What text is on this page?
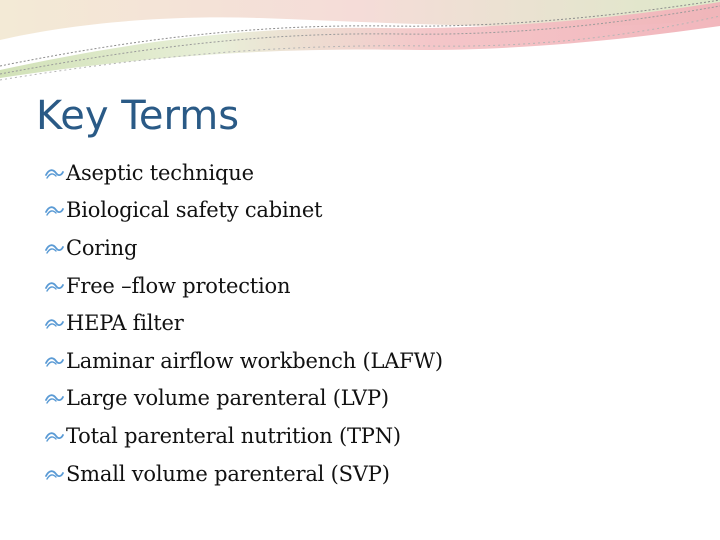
Key Terms
Aseptic technique
Biological safety cabinet
Coring
Free –flow protection
HEPA filter
Laminar airflow workbench (LAFW)
Large volume parenteral (LVP)
Total parenteral nutrition (TPN)
Small volume parenteral (SVP)
